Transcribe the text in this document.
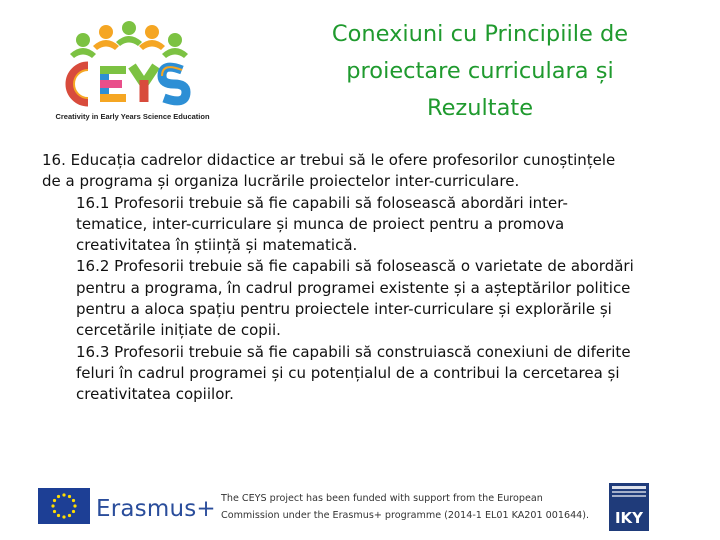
Creativity in Early Years Science Education
Conexiuni cu Principiile de
proiectare curriculara și
Rezultate
16. Educația cadrelor didactice ar trebui să le ofere profesorilor cunoștințele
de a programa și organiza lucrările proiectelor inter-curriculare.
16.1 Profesorii trebuie să fie capabili să folosească abordări inter-
tematice, inter-curriculare și munca de proiect pentru a promova
creativitatea în știință și matematică.
16.2 Profesorii trebuie să fie capabili să folosească o varietate de abordări
pentru a programa, în cadrul programei existente și a așteptărilor politice
pentru a aloca spațiu pentru proiectele inter-curriculare și explorările și
cercetările inițiate de copii.
16.3 Profesorii trebuie să fie capabili să construiască conexiuni de diferite
feluri în cadrul programei și cu potențialul de a contribui la cercetarea și
creativitatea copiilor.
Erasmus+ The CEYS project has been funded with support from the European
Commission under the Erasmus+ programme (2014-1 EL01 KA201 001644). IKY
